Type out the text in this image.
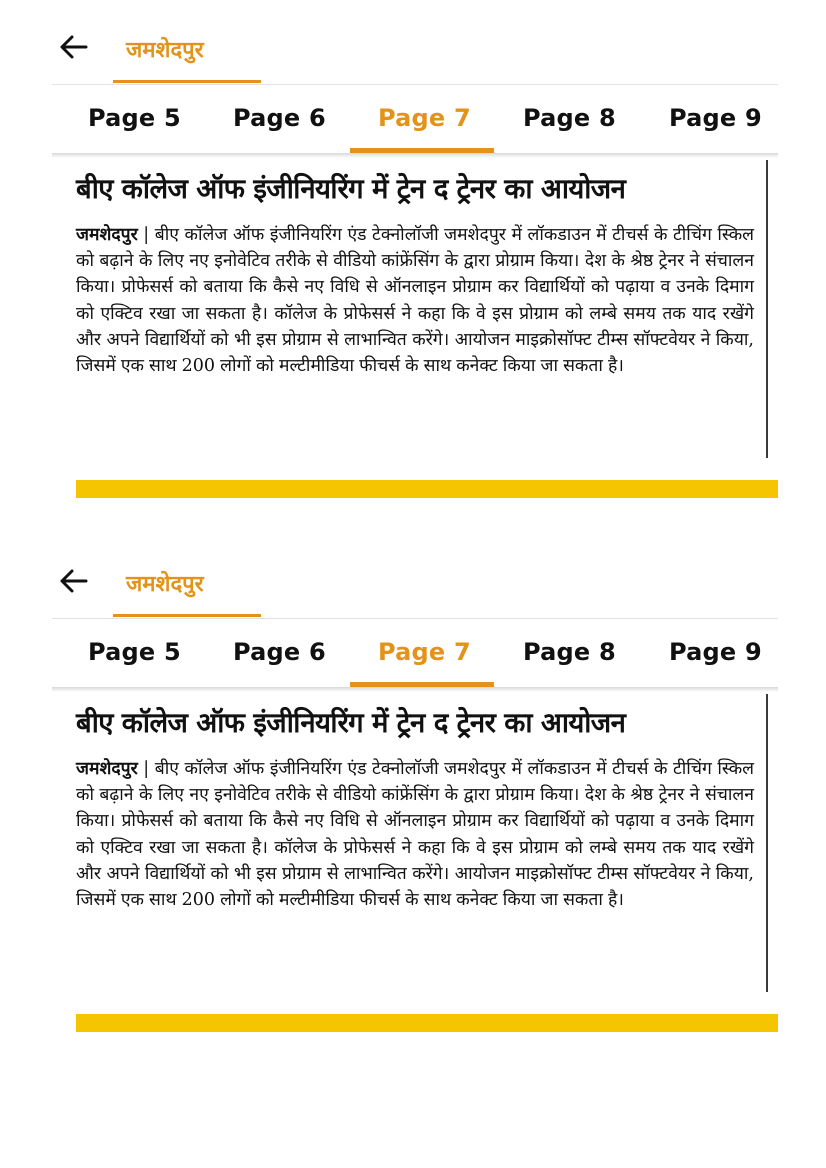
जमशेदपुर
Page 5 Page 6 Page 7 Page 8 Page 9
बीए कॉलेज ऑफ इंजीनियरिंग में ट्रेन द ट्रेनर का आयोजन
जमशेदपुर | बीए कॉलेज ऑफ इंजीनियरिंग एंड टेक्नोलॉजी जमशेदपुर में लॉकडाउन में टीचर्स के टीचिंग स्किल को बढ़ाने के लिए नए इनोवेटिव तरीके से वीडियो कांफ्रेंसिंग के द्वारा प्रोग्राम किया। देश के श्रेष्ठ ट्रेनर ने संचालन किया। प्रोफेसर्स को बताया कि कैसे नए विधि से ऑनलाइन प्रोग्राम कर विद्यार्थियों को पढ़ाया व उनके दिमाग को एक्टिव रखा जा सकता है। कॉलेज के प्रोफेसर्स ने कहा कि वे इस प्रोग्राम को लम्बे समय तक याद रखेंगे और अपने विद्यार्थियों को भी इस प्रोग्राम से लाभान्वित करेंगे। आयोजन माइक्रोसॉफ्ट टीम्स सॉफ्टवेयर ने किया, जिसमें एक साथ 200 लोगों को मल्टीमीडिया फीचर्स के साथ कनेक्ट किया जा सकता है।
जमशेदपुर
Page 5 Page 6 Page 7 Page 8 Page 9
बीए कॉलेज ऑफ इंजीनियरिंग में ट्रेन द ट्रेनर का आयोजन
जमशेदपुर | बीए कॉलेज ऑफ इंजीनियरिंग एंड टेक्नोलॉजी जमशेदपुर में लॉकडाउन में टीचर्स के टीचिंग स्किल को बढ़ाने के लिए नए इनोवेटिव तरीके से वीडियो कांफ्रेंसिंग के द्वारा प्रोग्राम किया। देश के श्रेष्ठ ट्रेनर ने संचालन किया। प्रोफेसर्स को बताया कि कैसे नए विधि से ऑनलाइन प्रोग्राम कर विद्यार्थियों को पढ़ाया व उनके दिमाग को एक्टिव रखा जा सकता है। कॉलेज के प्रोफेसर्स ने कहा कि वे इस प्रोग्राम को लम्बे समय तक याद रखेंगे और अपने विद्यार्थियों को भी इस प्रोग्राम से लाभान्वित करेंगे। आयोजन माइक्रोसॉफ्ट टीम्स सॉफ्टवेयर ने किया, जिसमें एक साथ 200 लोगों को मल्टीमीडिया फीचर्स के साथ कनेक्ट किया जा सकता है।
